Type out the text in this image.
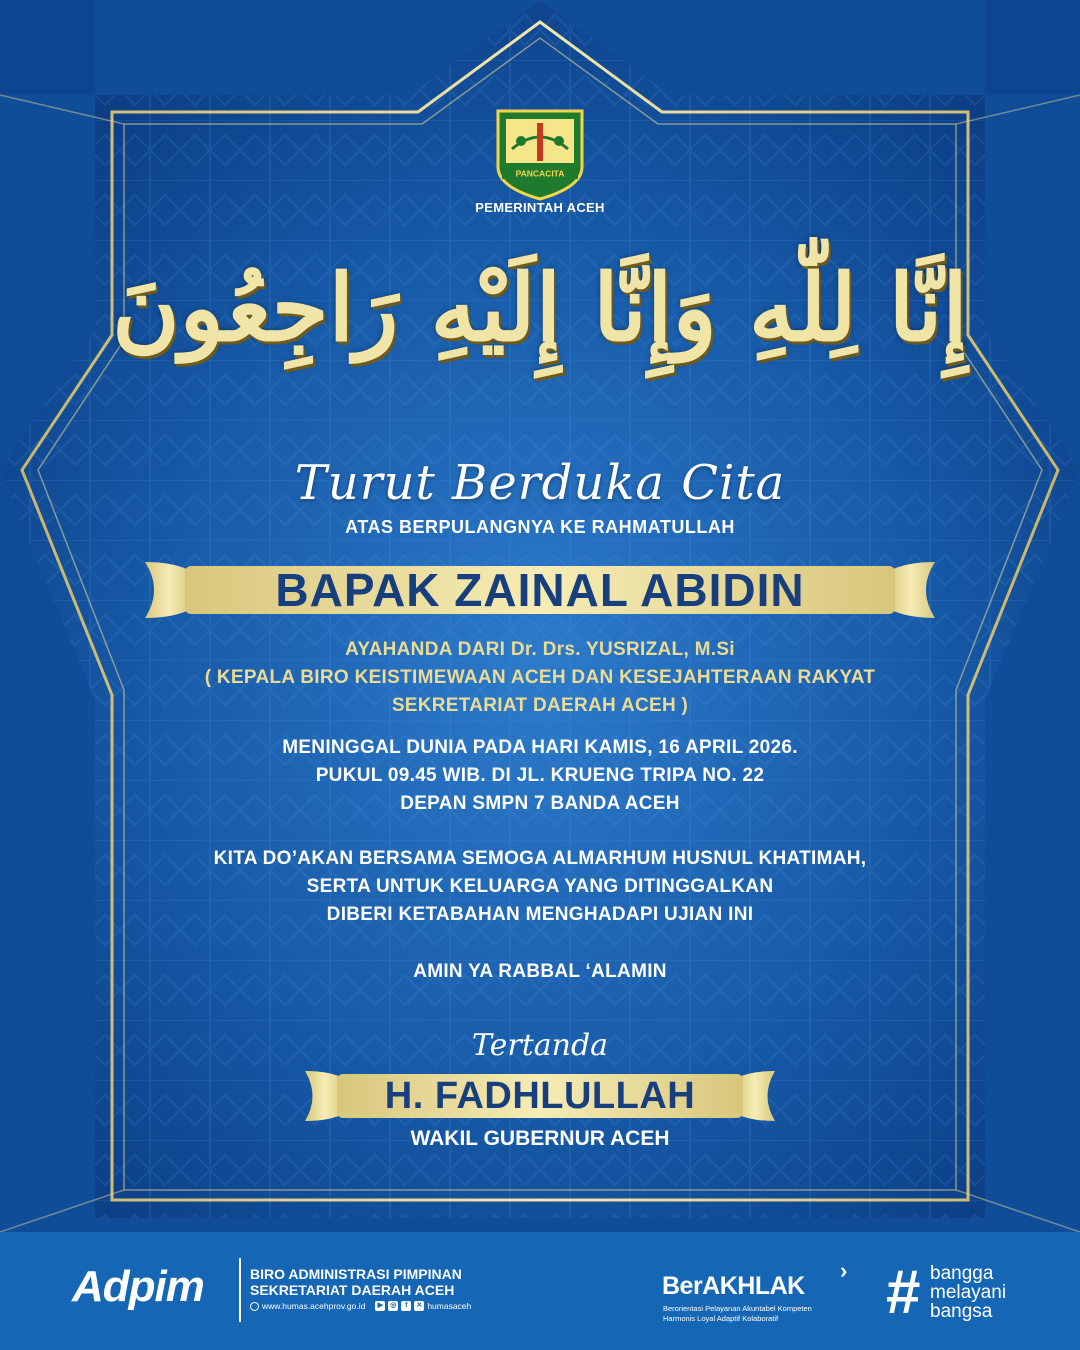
PANCACITA
PEMERINTAH ACEH
إِنَّا لِلّٰهِ وَإِنَّا إِلَيْهِ رَاجِعُونَ
Turut Berduka Cita
ATAS BERPULANGNYA KE RAHMATULLAH
BAPAK ZAINAL ABIDIN
AYAHANDA DARI Dr. Drs. YUSRIZAL, M.Si
( KEPALA BIRO KEISTIMEWAAN ACEH DAN KESEJAHTERAAN RAKYAT
SEKRETARIAT DAERAH ACEH )
MENINGGAL DUNIA PADA HARI KAMIS, 16 APRIL 2026.
PUKUL 09.45 WIB. DI JL. KRUENG TRIPA NO. 22
DEPAN SMPN 7 BANDA ACEH
KITA DO’AKAN BERSAMA SEMOGA ALMARHUM HUSNUL KHATIMAH,
SERTA UNTUK KELUARGA YANG DITINGGALKAN
DIBERI KETABAHAN MENGHADAPI UJIAN INI
AMIN YA RABBAL ‘ALAMIN
Tertanda
H. FADHLULLAH
WAKIL GUBERNUR ACEH
Adpim	BIRO ADMINISTRASI PIMPINAN
SEKRETARIAT DAERAH ACEH
www.humas.acehprov.go.id	▶	◎	f	✕ humasaceh
BerAKHLAK
›
Berorientasi Pelayanan Akuntabel Kompeten
Harmonis Loyal Adaptif Kolaboratif # bangga
melayani
bangsa
